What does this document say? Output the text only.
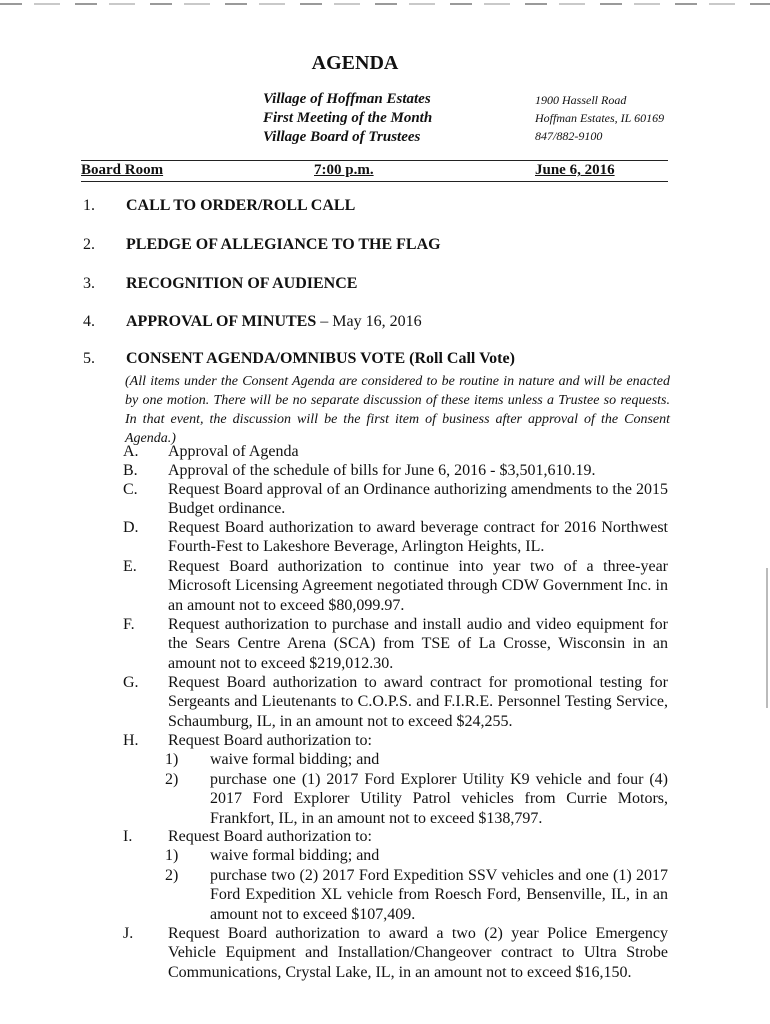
AGENDA
Village of Hoffman Estates
First Meeting of the Month
Village Board of Trustees
1900 Hassell Road
Hoffman Estates, IL 60169
847/882-9100
Board Room	7:00 p.m.	June 6, 2016
1. CALL TO ORDER/ROLL CALL
2. PLEDGE OF ALLEGIANCE TO THE FLAG
3. RECOGNITION OF AUDIENCE
4. APPROVAL OF MINUTES – May 16, 2016
5. CONSENT AGENDA/OMNIBUS VOTE (Roll Call Vote)
(All items under the Consent Agenda are considered to be routine in nature and will be enacted by one motion. There will be no separate discussion of these items unless a Trustee so requests. In that event, the discussion will be the first item of business after approval of the Consent Agenda.)
A. Approval of Agenda
B. Approval of the schedule of bills for June 6, 2016 - $3,501,610.19.
C. Request Board approval of an Ordinance authorizing amendments to the 2015 Budget ordinance.
D. Request Board authorization to award beverage contract for 2016 Northwest Fourth-Fest to Lakeshore Beverage, Arlington Heights, IL.
E. Request Board authorization to continue into year two of a three-year Microsoft Licensing Agreement negotiated through CDW Government Inc. in an amount not to exceed $80,099.97.
F. Request authorization to purchase and install audio and video equipment for the Sears Centre Arena (SCA) from TSE of La Crosse, Wisconsin in an amount not to exceed $219,012.30.
G. Request Board authorization to award contract for promotional testing for Sergeants and Lieutenants to C.O.P.S. and F.I.R.E. Personnel Testing Service, Schaumburg, IL, in an amount not to exceed $24,255.
H. Request Board authorization to:
1) waive formal bidding; and
2) purchase one (1) 2017 Ford Explorer Utility K9 vehicle and four (4) 2017 Ford Explorer Utility Patrol vehicles from Currie Motors, Frankfort, IL, in an amount not to exceed $138,797.
I. Request Board authorization to:
1) waive formal bidding; and
2) purchase two (2) 2017 Ford Expedition SSV vehicles and one (1) 2017 Ford Expedition XL vehicle from Roesch Ford, Bensenville, IL, in an amount not to exceed $107,409.
J. Request Board authorization to award a two (2) year Police Emergency Vehicle Equipment and Installation/Changeover contract to Ultra Strobe Communications, Crystal Lake, IL, in an amount not to exceed $16,150.
